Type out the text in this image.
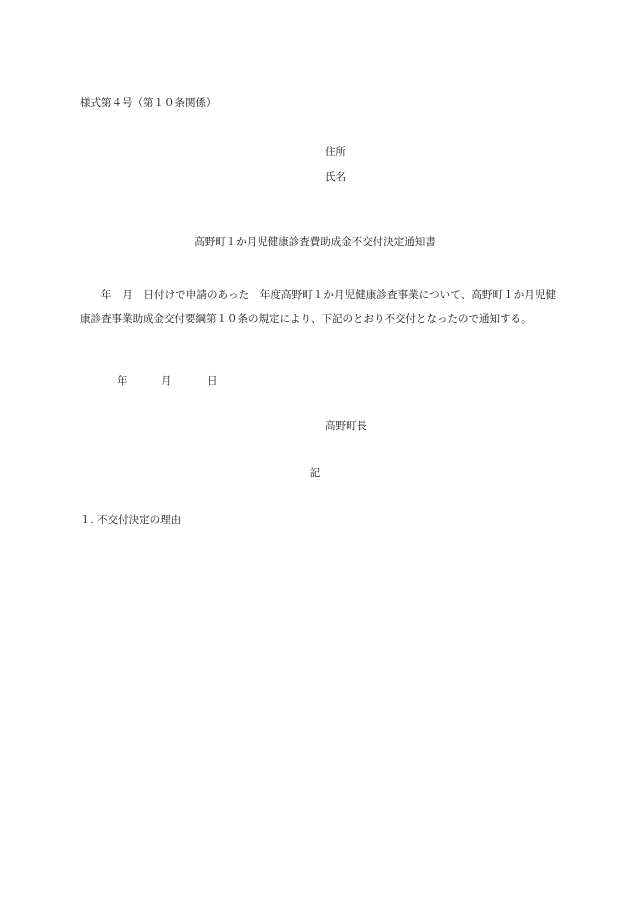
様式第４号（第１０条関係）
住所
氏名
高野町１か月児健康診査費助成金不交付決定通知書
年　月　日付けで申請のあった　年度高野町１か月児健康診査事業について、高野町１か月児健康診査事業助成金交付要綱第１０条の規定により、下記のとおり不交付となったので通知する。
年	月	日
高野町長
記
１. 不交付決定の理由
